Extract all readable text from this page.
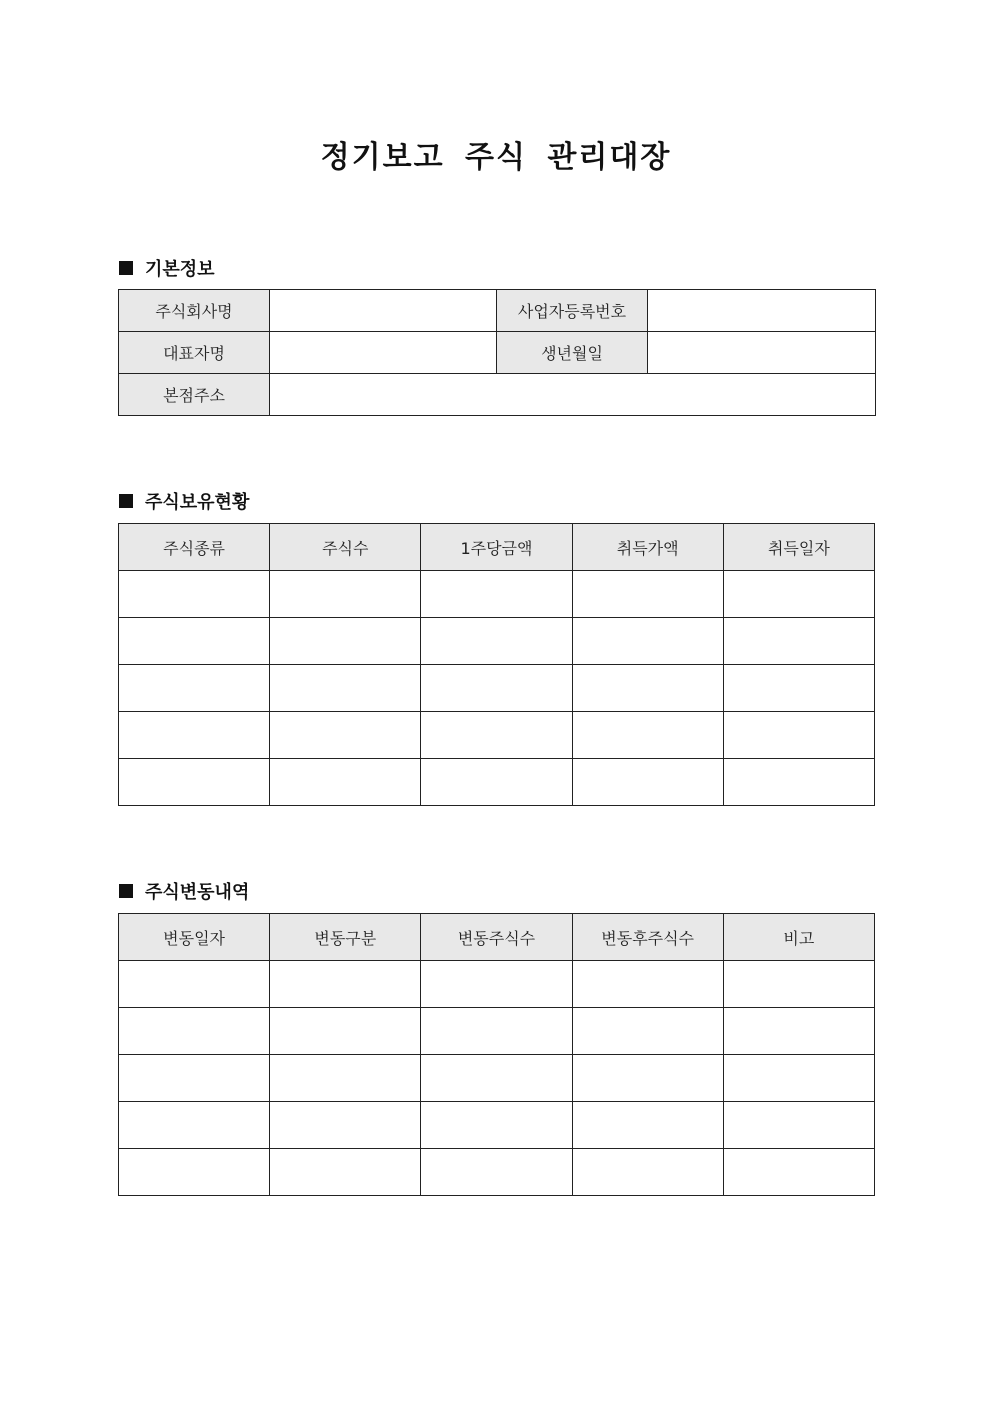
정기보고 주식 관리대장
기본정보
주식회사명		사업자등록번호	
대표자명		생년월일	
본점주소			
주식보유현황
주식종류	주식수	1주당금액	취득가액	취득일자

주식변동내역
변동일자	변동구분	변동주식수	변동후주식수	비고
